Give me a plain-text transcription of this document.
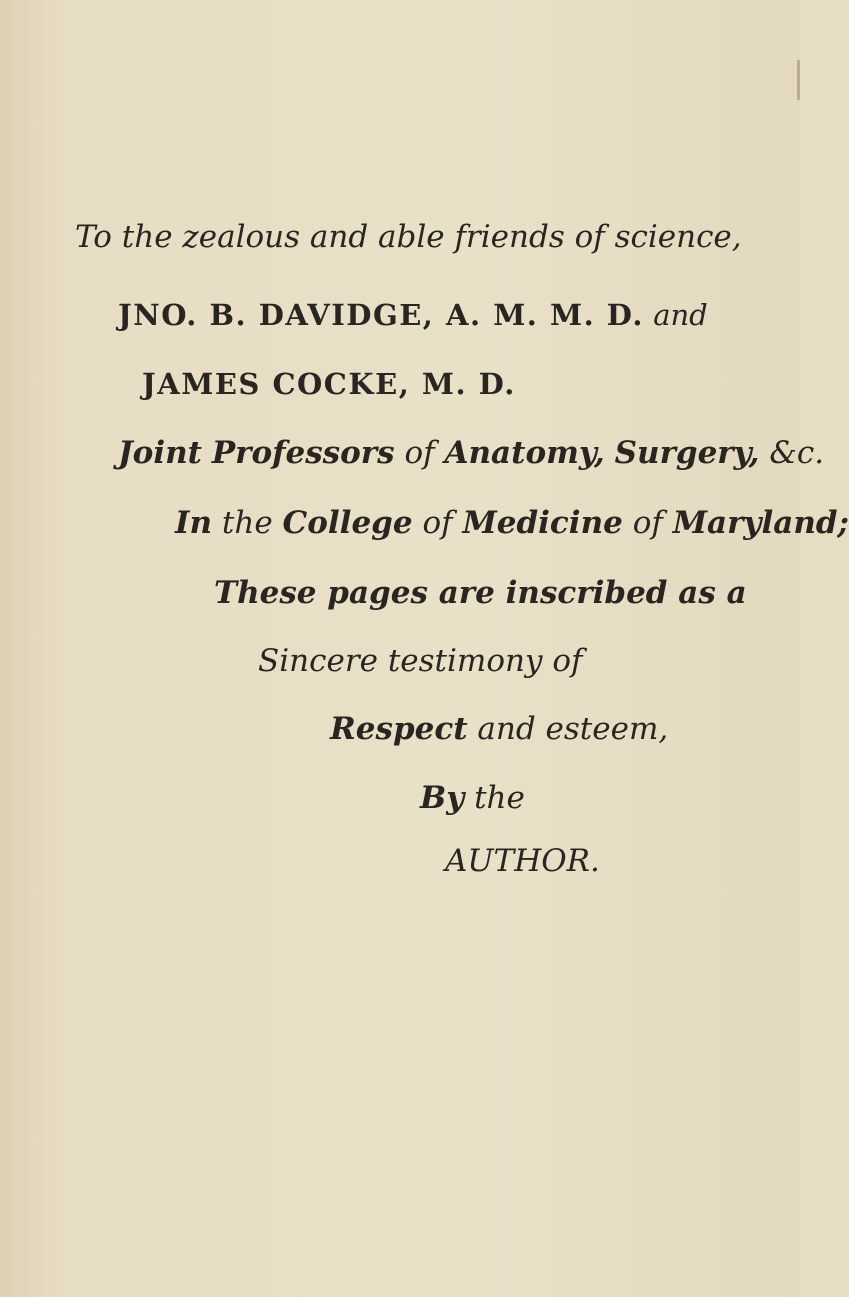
To the zealous and able friends of science,
JNO. B. DAVIDGE, A. M. M. D. and
JAMES COCKE, M. D.
Joint Professors of Anatomy, Surgery, &c.
In the College of Medicine of Maryland;
These pages are inscribed as a
Sincere testimony of
Respect and esteem,
By the
AUTHOR.
